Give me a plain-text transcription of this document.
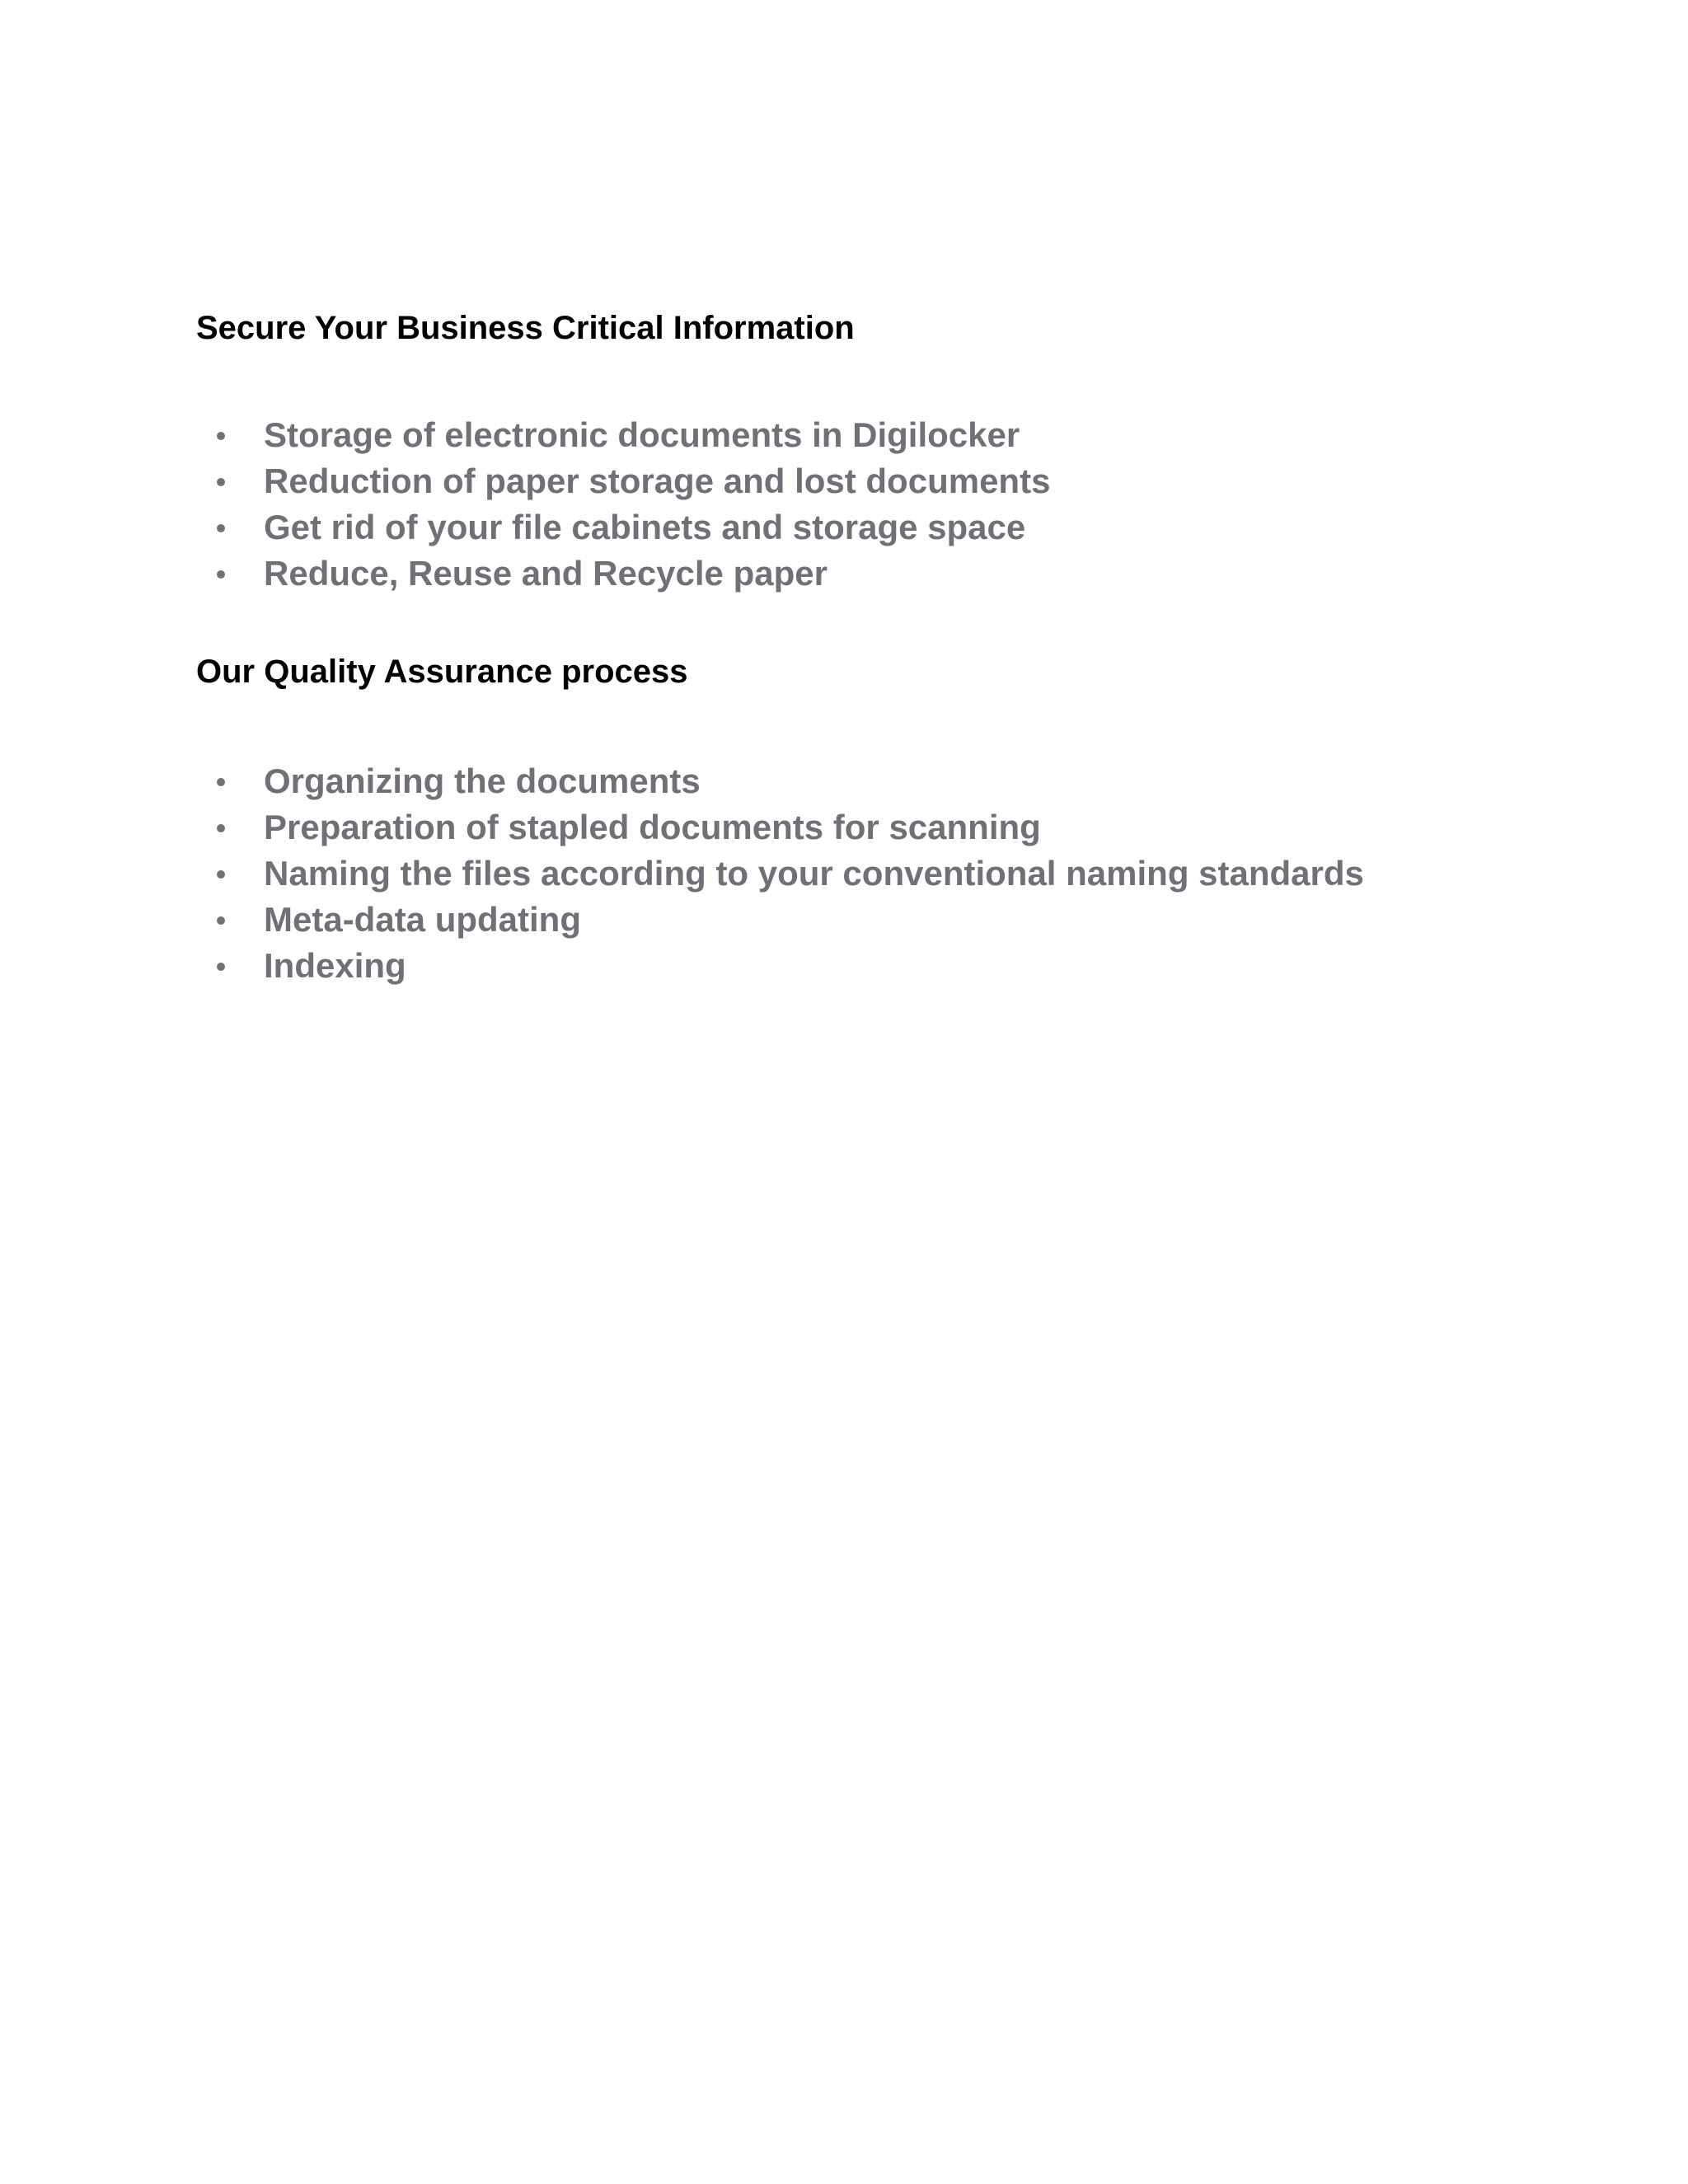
Secure Your Business Critical Information
Storage of electronic documents in Digilocker
Reduction of paper storage and lost documents
Get rid of your file cabinets and storage space
Reduce, Reuse and Recycle paper
Our Quality Assurance process
Organizing the documents
Preparation of stapled documents for scanning
Naming the files according to your conventional naming standards
Meta-data updating
Indexing
